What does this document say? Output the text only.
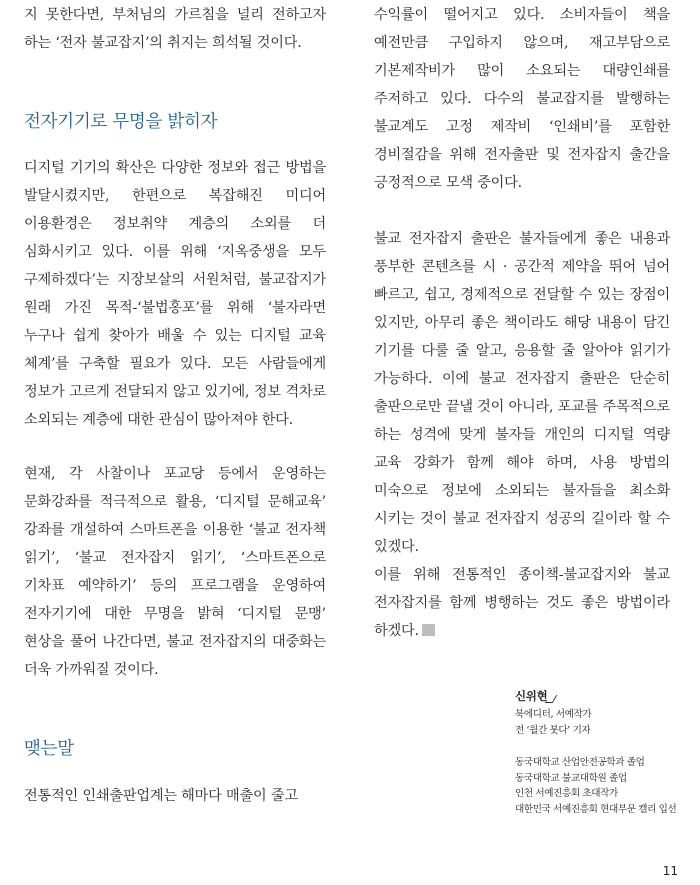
지 못한다면, 부처님의 가르침을 널리 전하고자 하는 ‘전자 불교잡지’의 취지는 희석될 것이다.

전자기기로 무명을 밝히자

디지털 기기의 확산은 다양한 정보와 접근 방법을 발달시켰지만, 한편으로 복잡해진 미디어 이용환경은 정보취약 계층의 소외를 더 심화시키고 있다. 이를 위해 ‘지옥중생을 모두 구제하겠다’는 지장보살의 서원처럼, 불교잡지가 원래 가진 목적-‘불법홍포’를 위해 ‘불자라면 누구나 쉽게 찾아가 배울 수 있는 디지털 교육 체계’를 구축할 필요가 있다. 모든 사람들에게 정보가 고르게 전달되지 않고 있기에, 정보 격차로 소외되는 계층에 대한 관심이 많아져야 한다.

현재, 각 사찰이나 포교당 등에서 운영하는 문화강좌를 적극적으로 활용, ‘디지털 문해교육’ 강좌를 개설하여 스마트폰을 이용한 ‘불교 전자책 읽기’, ‘불교 전자잡지 읽기’, ‘스마트폰으로 기차표 예약하기’ 등의 프로그램을 운영하여 전자기기에 대한 무명을 밝혀 ‘디지털 문맹’ 현상을 풀어 나간다면, 불교 전자잡지의 대중화는 더욱 가까워질 것이다.

맺는말

전통적인 인쇄출판업계는 해마다 매출이 줄고

수익률이 떨어지고 있다. 소비자들이 책을 예전만큼 구입하지 않으며, 재고부담으로 기본제작비가 많이 소요되는 대량인쇄를 주저하고 있다. 다수의 불교잡지를 발행하는 불교계도 고정 제작비 ‘인쇄비’를 포함한 경비절감을 위해 전자출판 및 전자잡지 출간을 긍정적으로 모색 중이다.

불교 전자잡지 출판은 불자들에게 좋은 내용과 풍부한 콘텐츠를 시 · 공간적 제약을 뛰어 넘어 빠르고, 쉽고, 경제적으로 전달할 수 있는 장점이 있지만, 아무리 좋은 책이라도 해당 내용이 담긴 기기를 다룰 줄 알고, 응용할 줄 알아야 읽기가 가능하다. 이에 불교 전자잡지 출판은 단순히 출판으로만 끝낼 것이 아니라, 포교를 주목적으로 하는 성격에 맞게 불자들 개인의 디지털 역량 교육 강화가 함께 해야 하며, 사용 방법의 미숙으로 정보에 소외되는 불자들을 최소화 시키는 것이 불교 전자잡지 성공의 길이라 할 수 있겠다.

이를 위해 전통적인 종이책-불교잡지와 불교 전자잡지를 함께 병행하는 것도 좋은 방법이라 하겠다.

신위현
북에디터, 서예작가
전 ‘월간 붓다’ 기자
동국대학교 산업안전공학과 졸업
동국대학교 불교대학원 졸업
인천 서예진흥회 초대작가
대한민국 서예진흥회 현대부문 캘리 입선
11
